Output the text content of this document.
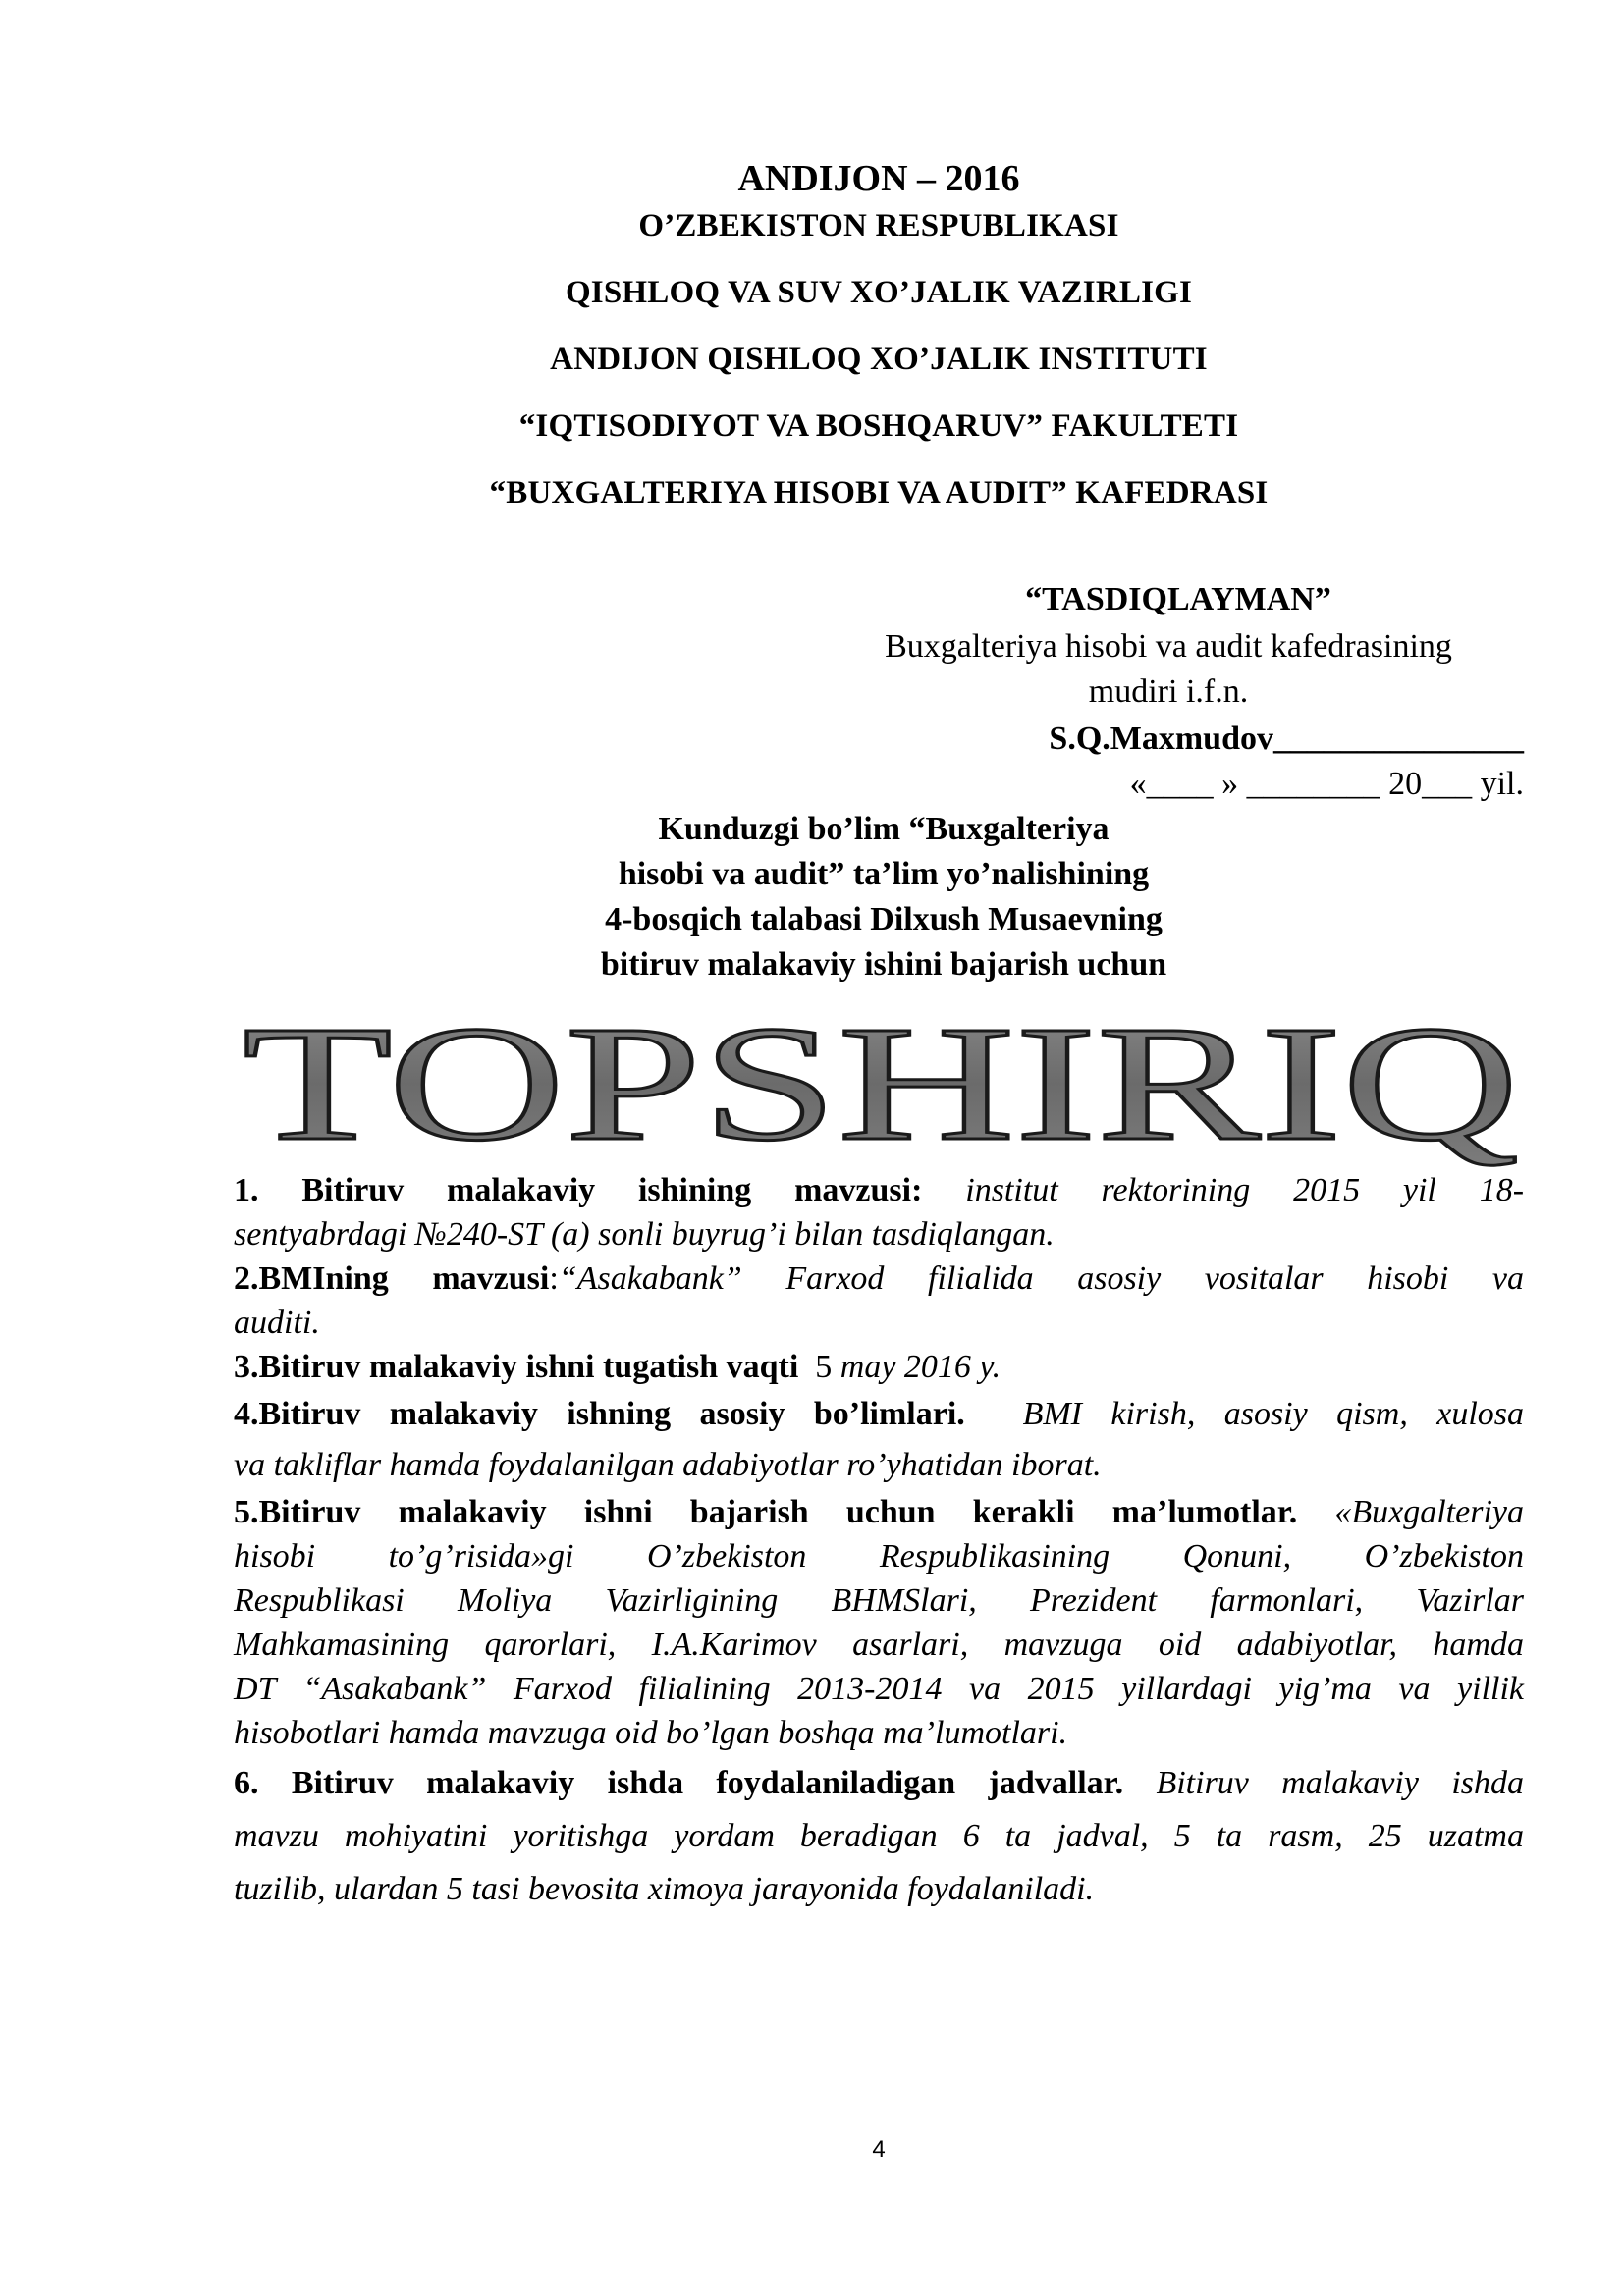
ANDIJON – 2016
O’ZBEKISTON RESPUBLIKASI
QISHLOQ VA SUV XO’JALIK VAZIRLIGI
ANDIJON QISHLOQ XO’JALIK INSTITUTI
“IQTISODIYOT VA BOSHQARUV” FAKULTETI
“BUXGALTERIYA HISOBI VA AUDIT” KAFEDRASI
“TASDIQLAYMAN”
Buxgalteriya hisobi va audit kafedrasining
mudiri i.f.n.
S.Q.Maxmudov_______________
«____ » ________ 20___ yil.
Kunduzgi bo’lim “Buxgalteriya
hisobi va audit” ta’lim yo’nalishining
4-bosqich talabasi Dilxush Musaevning
bitiruv malakaviy ishini bajarish uchun
TOPSHIRIQ
1. Bitiruv malakaviy ishining mavzusi: institut rektorining 2015 yil 18-
sentyabrdagi №240-ST (a) sonli buyrug’i bilan tasdiqlangan.
2.BMIning mavzusi:“Asakabank” Farxod filialida asosiy vositalar hisobi va
auditi.
3.Bitiruv malakaviy ishni tugatish vaqti 5 may 2016 y.
4.Bitiruv malakaviy ishning asosiy bo’limlari. BMI kirish, asosiy qism, xulosa
va takliflar hamda foydalanilgan adabiyotlar ro’yhatidan iborat.
5.Bitiruv malakaviy ishni bajarish uchun kerakli ma’lumotlar. «Buxgalteriya
hisobi to’g’risida»gi O’zbekiston Respublikasining Qonuni, O’zbekiston
Respublikasi Moliya Vazirligining BHMSlari, Prezident farmonlari, Vazirlar
Mahkamasining qarorlari, I.A.Karimov asarlari, mavzuga oid adabiyotlar, hamda
DT “Asakabank” Farxod filialining 2013-2014 va 2015 yillardagi yig’ma va yillik
hisobotlari hamda mavzuga oid bo’lgan boshqa ma’lumotlari.
6. Bitiruv malakaviy ishda foydalaniladigan jadvallar. Bitiruv malakaviy ishda
mavzu mohiyatini yoritishga yordam beradigan 6 ta jadval, 5 ta rasm, 25 uzatma
tuzilib, ulardan 5 tasi bevosita ximoya jarayonida foydalaniladi.
4
